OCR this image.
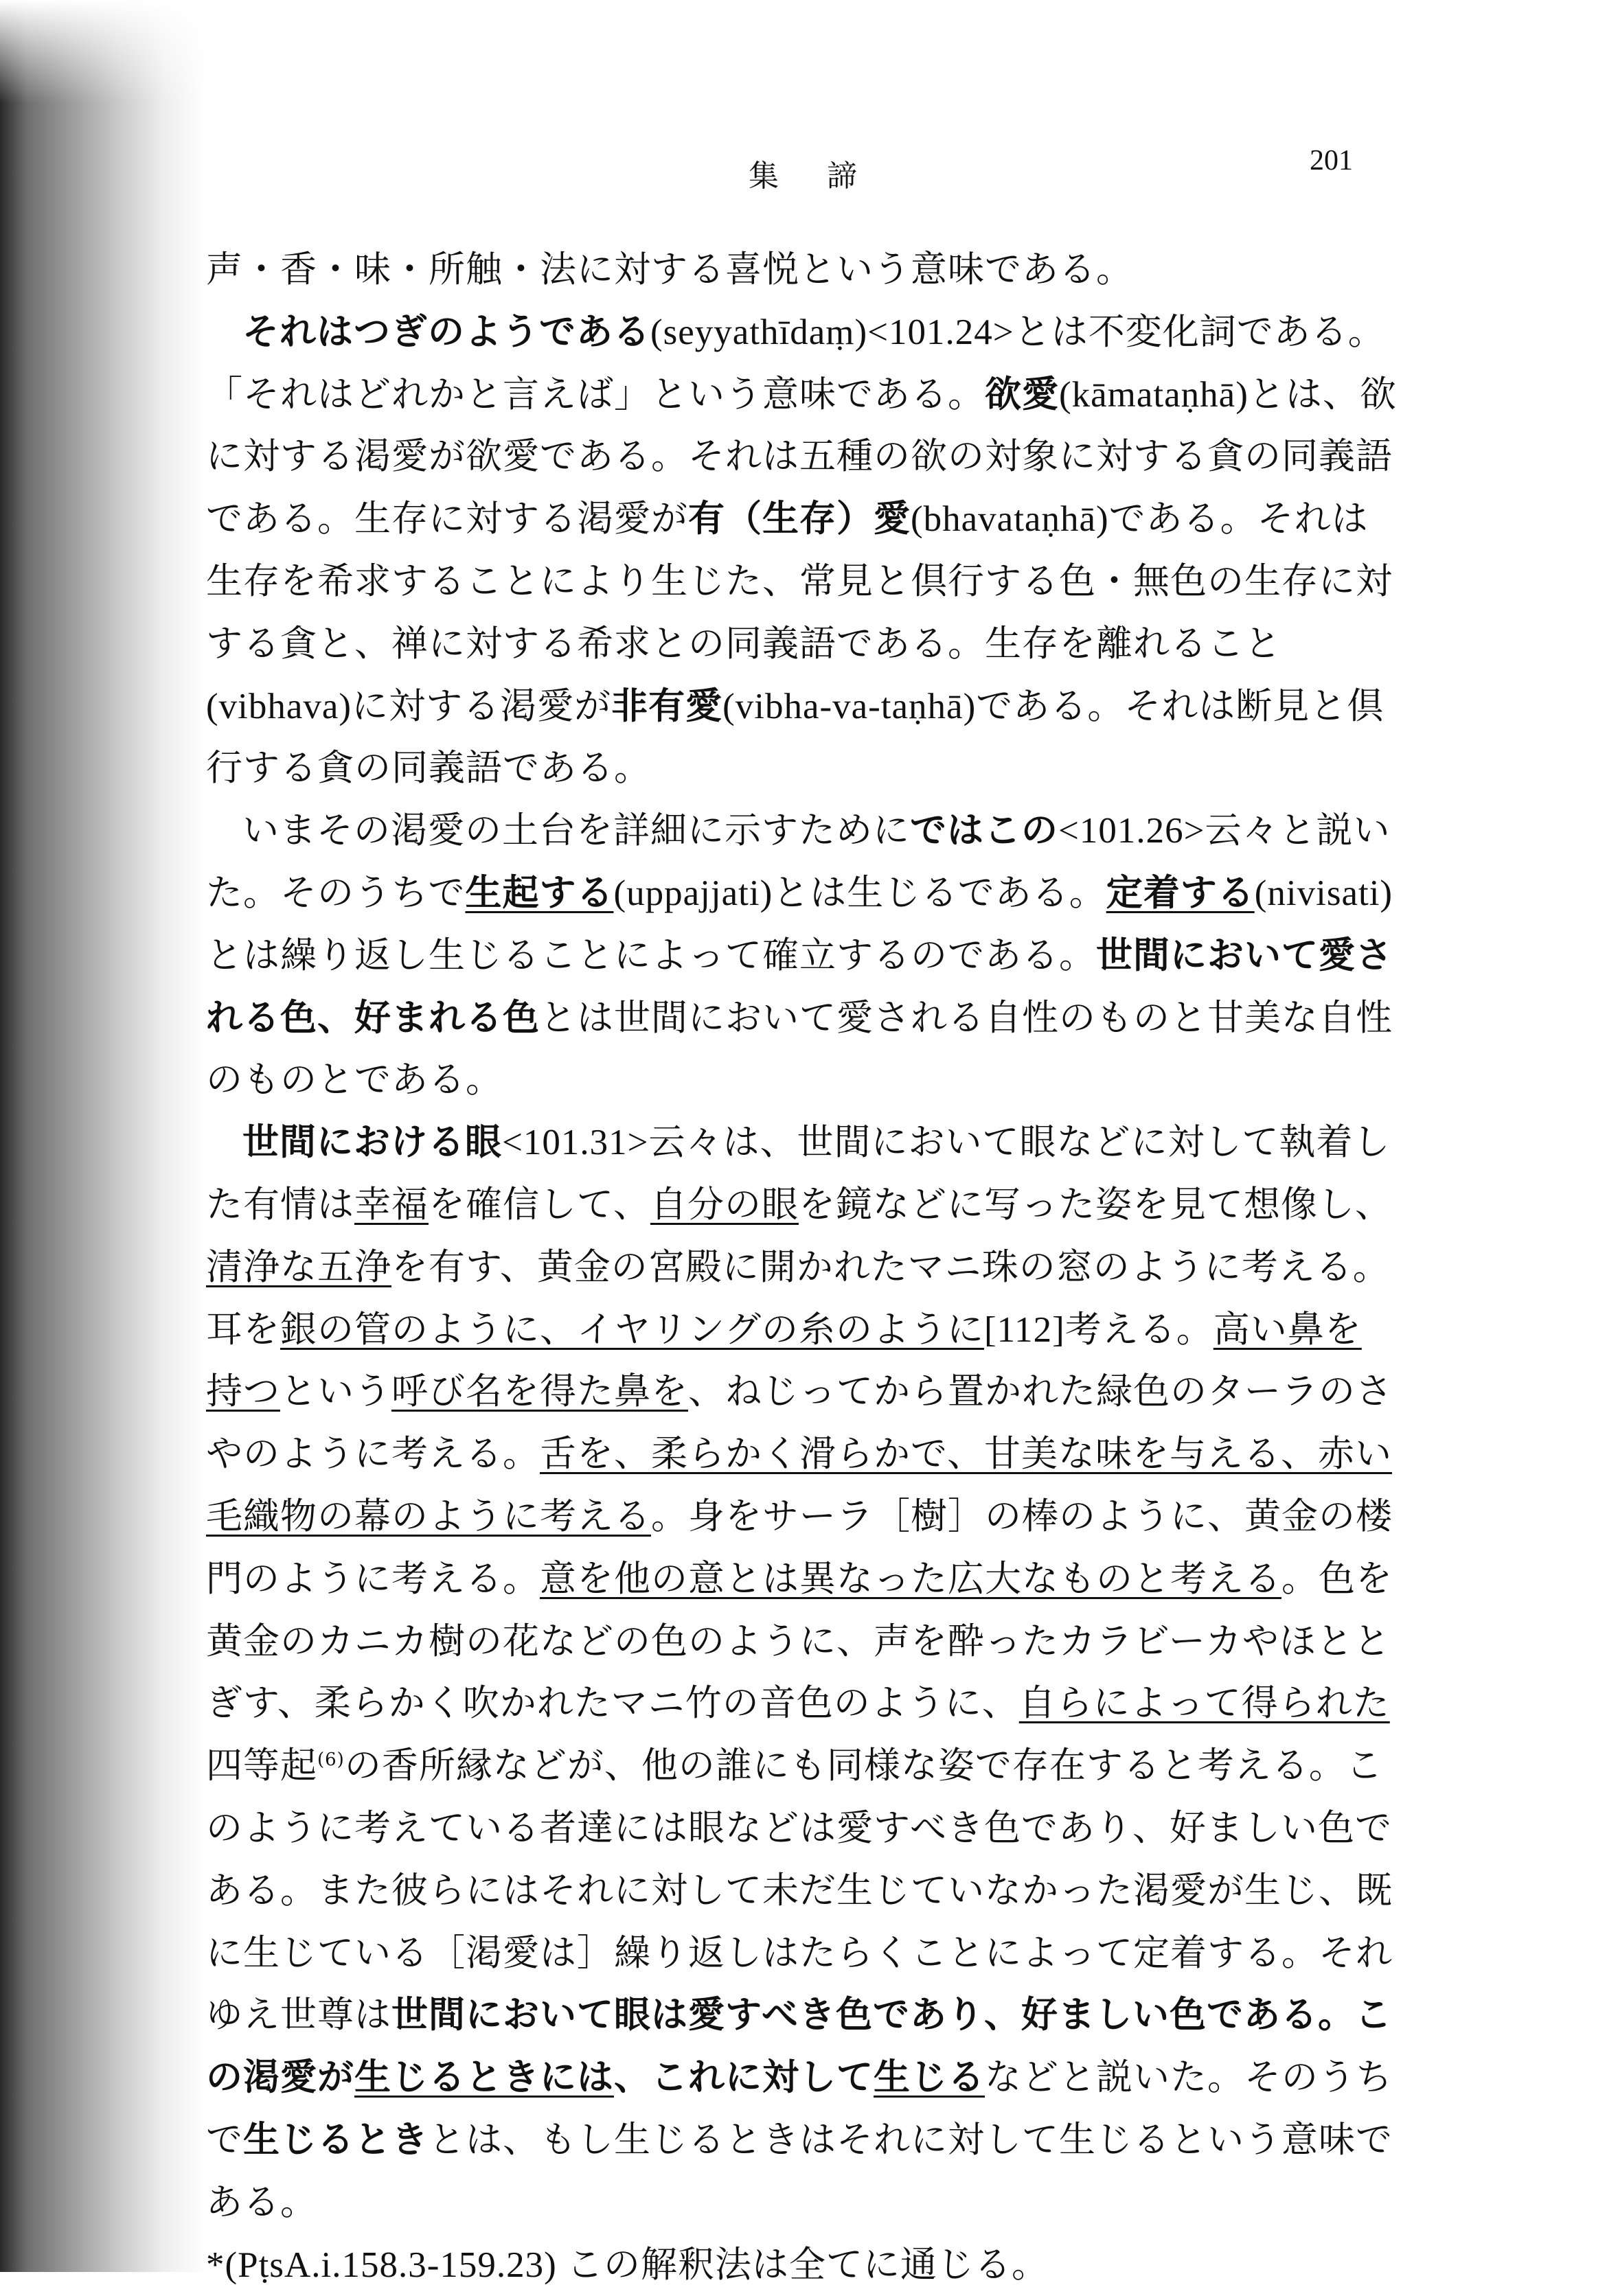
集 諦	201

声・香・味・所触・法に対する喜悦という意味である。

それはつぎのようである(seyyathīdaṃ)<101.24>とは不変化詞である。「それはどれかと言えば」という意味である。欲愛(kāmataṇhā)とは、欲に対する渇愛が欲愛である。それは五種の欲の対象に対する貪の同義語である。生存に対する渇愛が有（生存）愛(bhavataṇhā)である。それは生存を希求することにより生じた、常見と倶行する色・無色の生存に対する貪と、禅に対する希求との同義語である。生存を離れること(vibhava)に対する渇愛が非有愛(vibha-va-taṇhā)である。それは断見と倶行する貪の同義語である。

いまその渇愛の土台を詳細に示すためにではこの<101.26>云々と説いた。そのうちで生起する(uppajjati)とは生じるである。定着する(nivisati)とは繰り返し生じることによって確立するのである。世間において愛される色、好まれる色とは世間において愛される自性のものと甘美な自性のものとである。

世間における眼<101.31>云々は、世間において眼などに対して執着した有情は幸福を確信して、自分の眼を鏡などに写った姿を見て想像し、清浄な五浄を有す、黄金の宮殿に開かれたマニ珠の窓のように考える。耳を銀の管のように、イヤリングの糸のように[112]考える。高い鼻を持つという呼び名を得た鼻を、ねじってから置かれた緑色のターラのさやのように考える。舌を、柔らかく滑らかで、甘美な味を与える、赤い毛織物の幕のように考える。身をサーラ［樹］の棒のように、黄金の楼門のように考える。意を他の意とは異なった広大なものと考える。色を黄金のカニカ樹の花などの色のように、声を酔ったカラビーカやほととぎす、柔らかく吹かれたマニ竹の音色のように、自らによって得られた四等起$^{(6)}$の香所縁などが、他の誰にも同様な姿で存在すると考える。このように考えている者達には眼などは愛すべき色であり、好ましい色である。また彼らにはそれに対して未だ生じていなかった渇愛が生じ、既に生じている［渇愛は］繰り返しはたらくことによって定着する。それゆえ世尊は世間において眼は愛すべき色であり、好ましい色である。この渇愛が生じるときには、これに対して生じるなどと説いた。そのうちで生じるときとは、もし生じるときはそれに対して生じるという意味である。

*(PṭsA.i.158.3-159.23) この解釈法は全てに通じる。
